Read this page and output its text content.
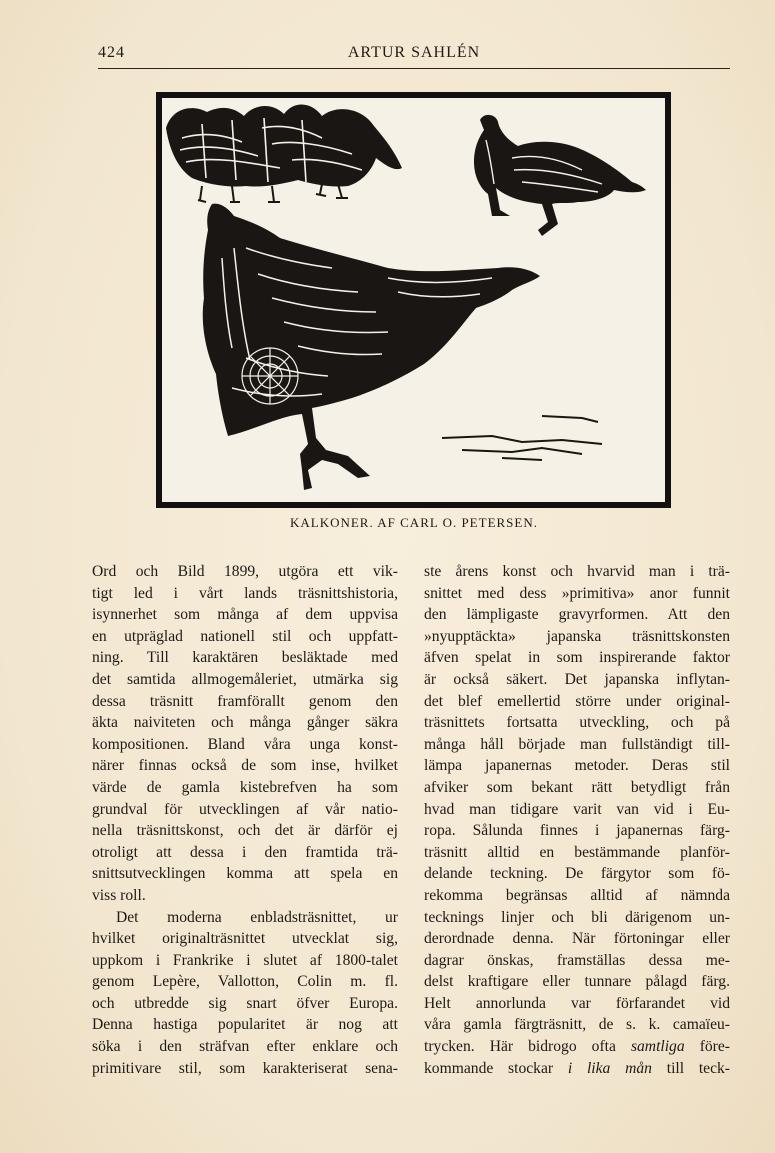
424	ARTUR SAHLÉN
KALKONER. AF CARL O. PETERSEN.

Ord och Bild 1899, utgöra ett vik-
tigt led i vårt lands träsnittshistoria,
isynnerhet som många af dem uppvisa
en utpräglad nationell stil och uppfatt-
ning. Till karaktären besläktade med
det samtida allmogemåleriet, utmärka sig
dessa träsnitt framförallt genom den
äkta naiviteten och många gånger säkra
kompositionen. Bland våra unga konst-
närer finnas också de som inse, hvilket
värde de gamla kistebrefven ha som
grundval för utvecklingen af vår natio-
nella träsnittskonst, och det är därför ej
otroligt att dessa i den framtida trä-
snittsutvecklingen komma att spela en
viss roll.

Det moderna enbladsträsnittet, ur
hvilket originalträsnittet utvecklat sig,
uppkom i Frankrike i slutet af 1800-talet
genom Lepère, Vallotton, Colin m. fl.
och utbredde sig snart öfver Europa.
Denna hastiga popularitet är nog att
söka i den sträfvan efter enklare och
primitivare stil, som karakteriserat sena-

ste årens konst och hvarvid man i trä-
snittet med dess »primitiva» anor funnit
den lämpligaste gravyrformen. Att den
»nyupptäckta» japanska träsnittskonsten
äfven spelat in som inspirerande faktor
är också säkert. Det japanska inflytan-
det blef emellertid större under original-
träsnittets fortsatta utveckling, och på
många håll började man fullständigt till-
lämpa japanernas metoder. Deras stil
afviker som bekant rätt betydligt från
hvad man tidigare varit van vid i Eu-
ropa. Sålunda finnes i japanernas färg-
träsnitt alltid en bestämmande planför-
delande teckning. De färgytor som fö-
rekomma begränsas alltid af nämnda
tecknings linjer och bli därigenom un-
derordnade denna. När förtoningar eller
dagrar önskas, framställas dessa me-
delst kraftigare eller tunnare pålagd färg.
Helt annorlunda var förfarandet vid
våra gamla färgträsnitt, de s. k. camaïeu-
trycken. Här bidrogo ofta samtliga före-
kommande stockar i lika mån till teck-
